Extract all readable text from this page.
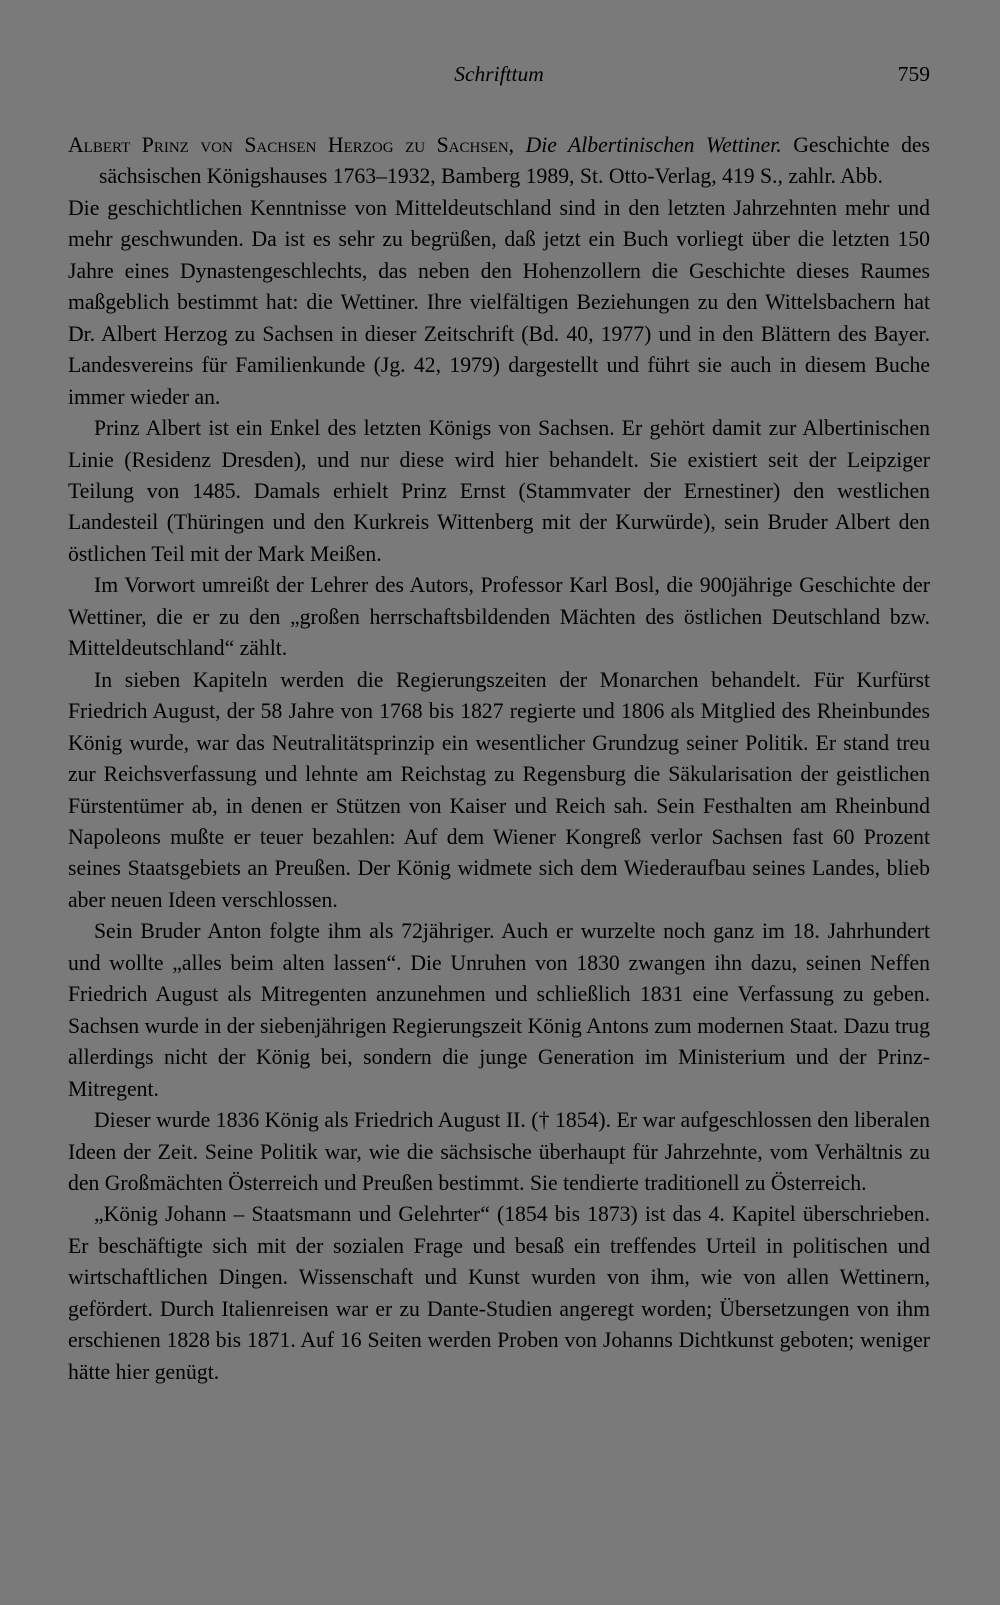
Schrifttum	759

Albert Prinz von Sachsen Herzog zu Sachsen, Die Albertinischen Wettiner. Geschichte des sächsischen Königshauses 1763–1932, Bamberg 1989, St. Otto-Verlag, 419 S., zahlr. Abb.

Die geschichtlichen Kenntnisse von Mitteldeutschland sind in den letzten Jahrzehnten mehr und mehr geschwunden. Da ist es sehr zu begrüßen, daß jetzt ein Buch vorliegt über die letzten 150 Jahre eines Dynastengeschlechts, das neben den Hohenzollern die Geschichte dieses Raumes maßgeblich bestimmt hat: die Wettiner. Ihre vielfältigen Beziehungen zu den Wittelsbachern hat Dr. Albert Herzog zu Sachsen in dieser Zeitschrift (Bd. 40, 1977) und in den Blättern des Bayer. Landesvereins für Familienkunde (Jg. 42, 1979) dargestellt und führt sie auch in diesem Buche immer wieder an.

Prinz Albert ist ein Enkel des letzten Königs von Sachsen. Er gehört damit zur Albertinischen Linie (Residenz Dresden), und nur diese wird hier behandelt. Sie existiert seit der Leipziger Teilung von 1485. Damals erhielt Prinz Ernst (Stammvater der Ernestiner) den westlichen Landesteil (Thüringen und den Kurkreis Wittenberg mit der Kurwürde), sein Bruder Albert den östlichen Teil mit der Mark Meißen.

Im Vorwort umreißt der Lehrer des Autors, Professor Karl Bosl, die 900jährige Geschichte der Wettiner, die er zu den „großen herrschaftsbildenden Mächten des östlichen Deutschland bzw. Mitteldeutschland“ zählt.

In sieben Kapiteln werden die Regierungszeiten der Monarchen behandelt. Für Kurfürst Friedrich August, der 58 Jahre von 1768 bis 1827 regierte und 1806 als Mitglied des Rheinbundes König wurde, war das Neutralitätsprinzip ein wesentlicher Grundzug seiner Politik. Er stand treu zur Reichsverfassung und lehnte am Reichstag zu Regensburg die Säkularisation der geistlichen Fürstentümer ab, in denen er Stützen von Kaiser und Reich sah. Sein Festhalten am Rheinbund Napoleons mußte er teuer bezahlen: Auf dem Wiener Kongreß verlor Sachsen fast 60 Prozent seines Staatsgebiets an Preußen. Der König widmete sich dem Wiederaufbau seines Landes, blieb aber neuen Ideen verschlossen.

Sein Bruder Anton folgte ihm als 72jähriger. Auch er wurzelte noch ganz im 18. Jahrhundert und wollte „alles beim alten lassen“. Die Unruhen von 1830 zwangen ihn dazu, seinen Neffen Friedrich August als Mitregenten anzunehmen und schließlich 1831 eine Verfassung zu geben. Sachsen wurde in der siebenjährigen Regierungszeit König Antons zum modernen Staat. Dazu trug allerdings nicht der König bei, sondern die junge Generation im Ministerium und der Prinz-Mitregent.

Dieser wurde 1836 König als Friedrich August II. († 1854). Er war aufgeschlossen den liberalen Ideen der Zeit. Seine Politik war, wie die sächsische überhaupt für Jahrzehnte, vom Verhältnis zu den Großmächten Österreich und Preußen bestimmt. Sie tendierte traditionell zu Österreich.

„König Johann – Staatsmann und Gelehrter“ (1854 bis 1873) ist das 4. Kapitel überschrieben. Er beschäftigte sich mit der sozialen Frage und besaß ein treffendes Urteil in politischen und wirtschaftlichen Dingen. Wissenschaft und Kunst wurden von ihm, wie von allen Wettinern, gefördert. Durch Italienreisen war er zu Dante-Studien angeregt worden; Übersetzungen von ihm erschienen 1828 bis 1871. Auf 16 Seiten werden Proben von Johanns Dichtkunst geboten; weniger hätte hier genügt.
